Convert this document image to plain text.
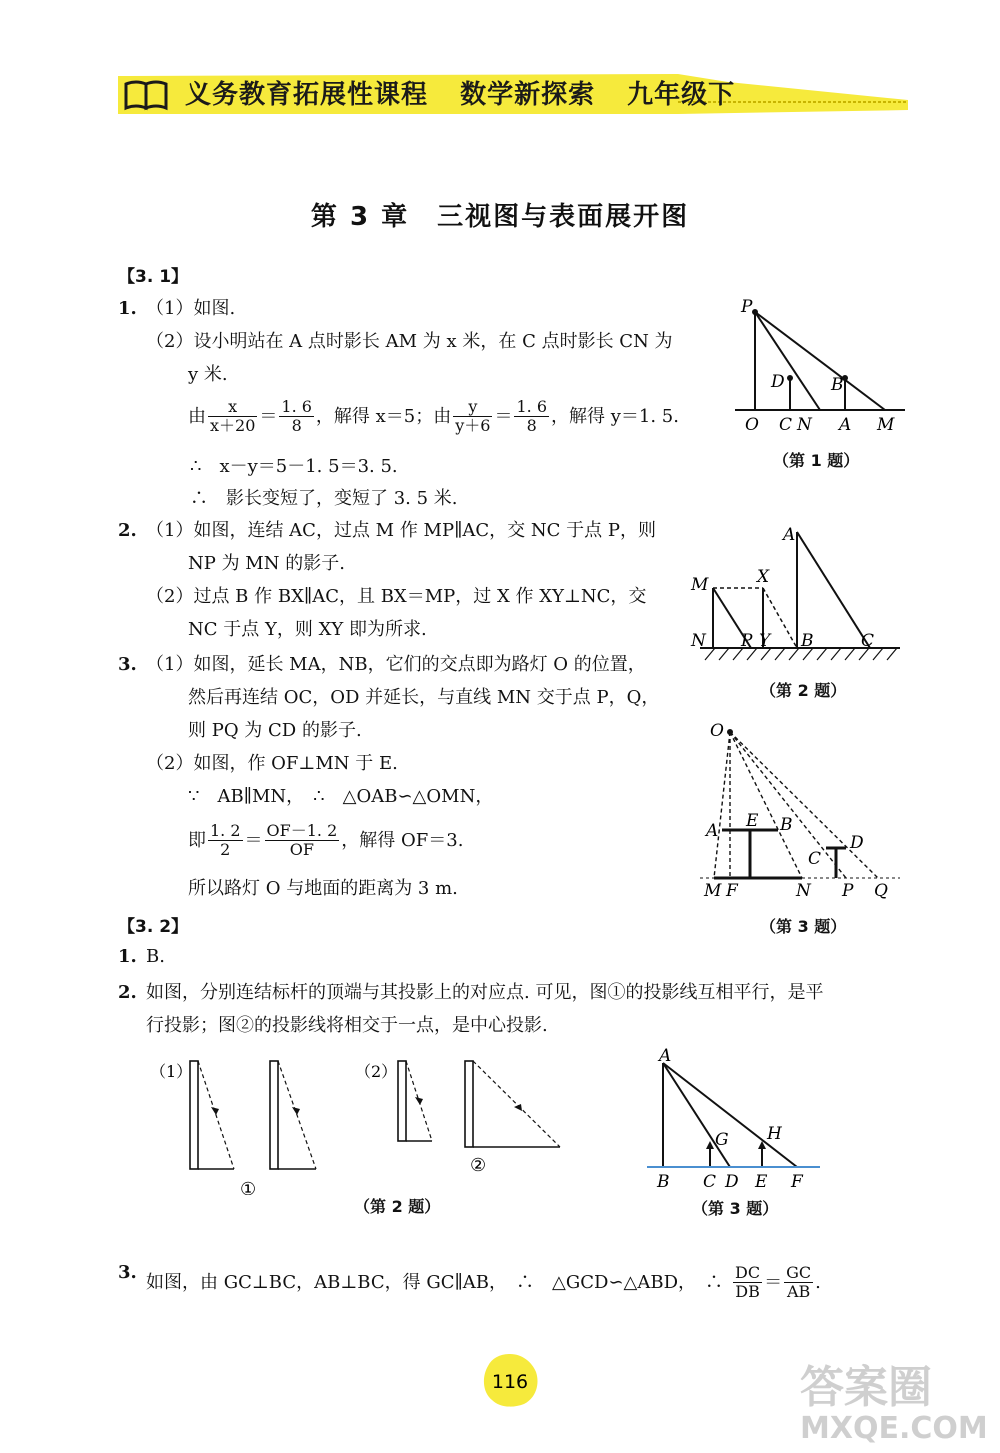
义务教育拓展性课程 数学新探索 九年级下
第 3 章　三视图与表面展开图
【3. 1】
1. （1）如图.
（2）设小明站在 A 点时影长 AM 为 x 米，在 C 点时影长 CN 为
y 米.
由 $\frac{x}{x+20} = \frac{1. 6}{8}$ ，解得 x＝5；由 $\frac{y}{y+6} = \frac{1. 6}{8}$ ，解得 y＝1. 5.
∴　x－y＝5－1. 5＝3. 5.
∴　影长变短了，变短了 3. 5 米.
P
D	B
O C N A M
（第 1 题）
2. （1）如图，连结 AC，过点 M 作 MP∥AC，交 NC 于点 P，则
NP 为 MN 的影子.
（2）过点 B 作 BX∥AC，且 BX＝MP，过 X 作 XY⊥NC，交
NC 于点 Y，则 XY 即为所求.
A
M	X
N P Y B	C
（第 2 题）
3. （1）如图，延长 MA，NB，它们的交点即为路灯 O 的位置，
然后再连结 OC，OD 并延长，与直线 MN 交于点 P，Q，
则 PQ 为 CD 的影子.
（2）如图，作 OF⊥MN 于 E.
∵　AB∥MN，　∴　△OAB∽△OMN，
即 $\frac{1. 2}{2} = \frac{OF-1. 2}{OF}$ ，解得 OF＝3.
所以路灯 O 与地面的距离为 3 m.
O
E B
A
D
C
M F	N P Q
（第 3 题）
【3. 2】
1. B.
2. 如图，分别连结标杆的顶端与其投影上的对应点. 可见，图①的投影线互相平行，是平
行投影；图②的投影线将相交于一点，是中心投影.
（1）	（2）
①
②
（第 2 题）
A
G H
B C D E F
（第 3 题）
3. 如图，由 GC⊥BC，AB⊥BC，得 GC∥AB，　∴　△GCD∽△ABD，　∴ $\frac{DC}{DB} = \frac{GC}{AB}$ .
116	答案圈
MXQE.COM
